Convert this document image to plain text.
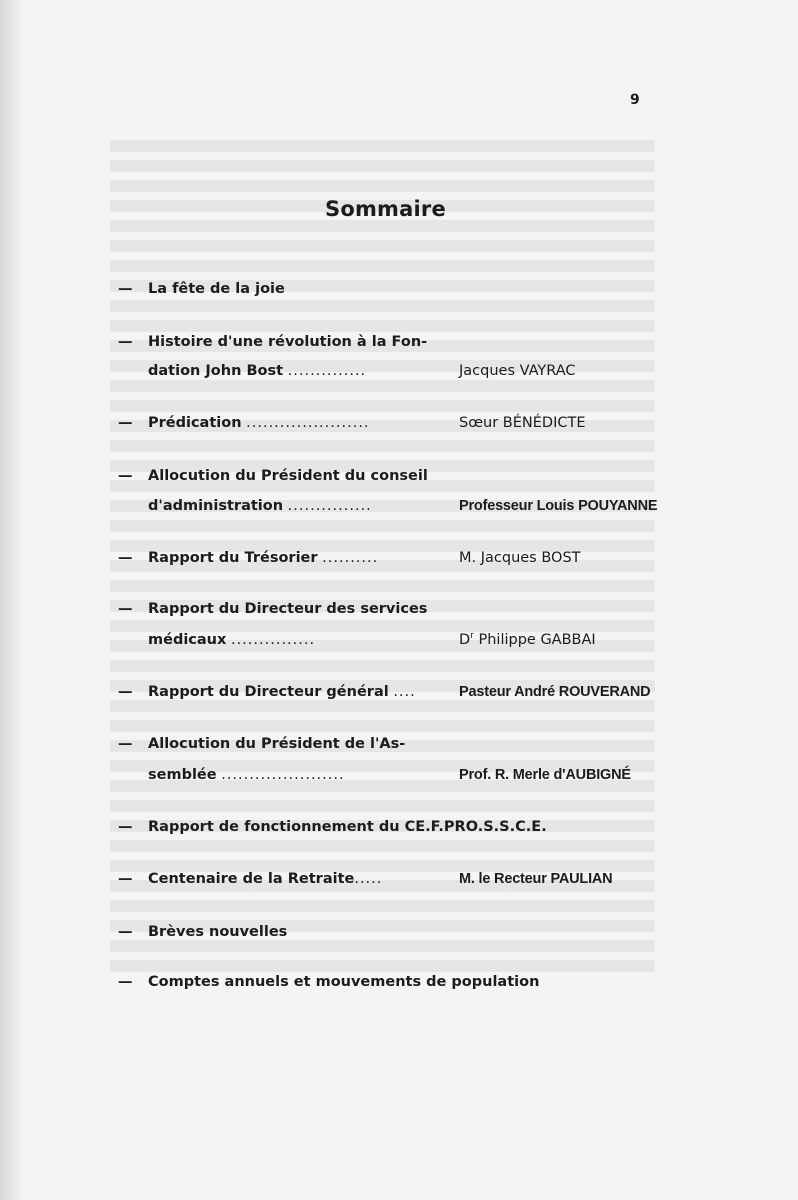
9
Sommaire
— La fête de la joie
— Histoire d'une révolution à la Fon-
dation John Bost ..............	Jacques VAYRAC
— Prédication ......................	Sœur BÉNÉDICTE
— Allocution du Président du conseil
d'administration ...............	Professeur Louis POUYANNE
— Rapport du Trésorier ..........	M. Jacques BOST
— Rapport du Directeur des services
médicaux ...............	$D^r$ Philippe GABBAI
— Rapport du Directeur général ....	Pasteur André ROUVERAND
— Allocution du Président de l'As-
semblée ......................	Prof. R. Merle d'AUBIGNÉ
— Rapport de fonctionnement du CE.F.PRO.S.S.C.E.
— Centenaire de la Retraite.....	M. le Recteur PAULIAN
— Brèves nouvelles
— Comptes annuels et mouvements de population
